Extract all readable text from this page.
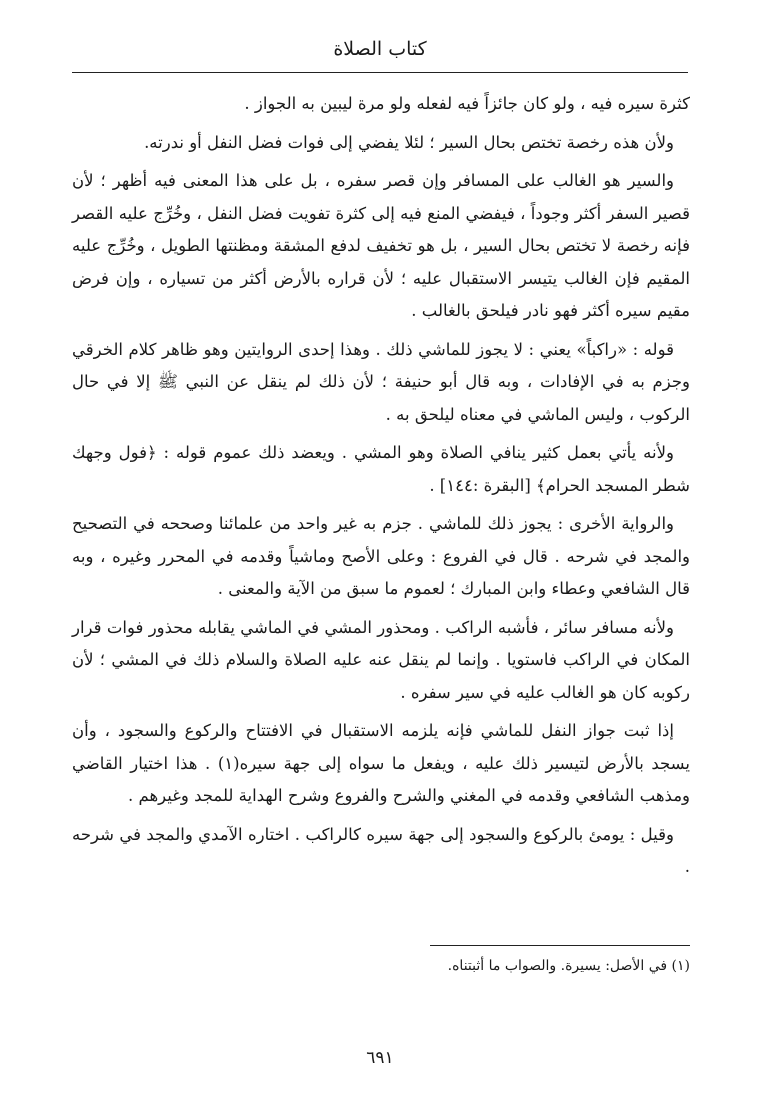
كتاب الصلاة

كثرة سيره فيه ، ولو كان جائزاً فيه لفعله ولو مرة ليبين به الجواز .

ولأن هذه رخصة تختص بحال السير ؛ لئلا يفضي إلى فوات فضل النفل أو ندرته.

والسير هو الغالب على المسافر وإن قصر سفره ، بل على هذا المعنى فيه أظهر ؛ لأن قصير السفر أكثر وجوداً ، فيفضي المنع فيه إلى كثرة تفويت فضل النفل ، وخُرِّج عليه القصر فإنه رخصة لا تختص بحال السير ، بل هو تخفيف لدفع المشقة ومظنتها الطويل ، وخُرِّج عليه المقيم فإن الغالب يتيسر الاستقبال عليه ؛ لأن قراره بالأرض أكثر من تسياره ، وإن فرض مقيم سيره أكثر فهو نادر فيلحق بالغالب .

قوله : «راكباً» يعني : لا يجوز للماشي ذلك . وهذا إحدى الروايتين وهو ظاهر كلام الخرقي وجزم به في الإفادات ، وبه قال أبو حنيفة ؛ لأن ذلك لم ينقل عن النبي ﷺ إلا في حال الركوب ، وليس الماشي في معناه ليلحق به .

ولأنه يأتي بعمل كثير ينافي الصلاة وهو المشي . ويعضد ذلك عموم قوله : ﴿فول وجهك شطر المسجد الحرام﴾ [البقرة :١٤٤] .

والرواية الأخرى : يجوز ذلك للماشي . جزم به غير واحد من علمائنا وصححه في التصحيح والمجد في شرحه . قال في الفروع : وعلى الأصح وماشياً وقدمه في المحرر وغيره ، وبه قال الشافعي وعطاء وابن المبارك ؛ لعموم ما سبق من الآية والمعنى .

ولأنه مسافر سائر ، فأشبه الراكب . ومحذور المشي في الماشي يقابله محذور فوات قرار المكان في الراكب فاستويا . وإنما لم ينقل عنه عليه الصلاة والسلام ذلك في المشي ؛ لأن ركوبه كان هو الغالب عليه في سير سفره .

إذا ثبت جواز النفل للماشي فإنه يلزمه الاستقبال في الافتتاح والركوع والسجود ، وأن يسجد بالأرض لتيسير ذلك عليه ، ويفعل ما سواه إلى جهة سيره(١) . هذا اختيار القاضي ومذهب الشافعي وقدمه في المغني والشرح والفروع وشرح الهداية للمجد وغيرهم .

وقيل : يومئ بالركوع والسجود إلى جهة سيره كالراكب . اختاره الآمدي والمجد في شرحه .

(١) في الأصل: يسيرة. والصواب ما أثبتناه.
٦٩١
